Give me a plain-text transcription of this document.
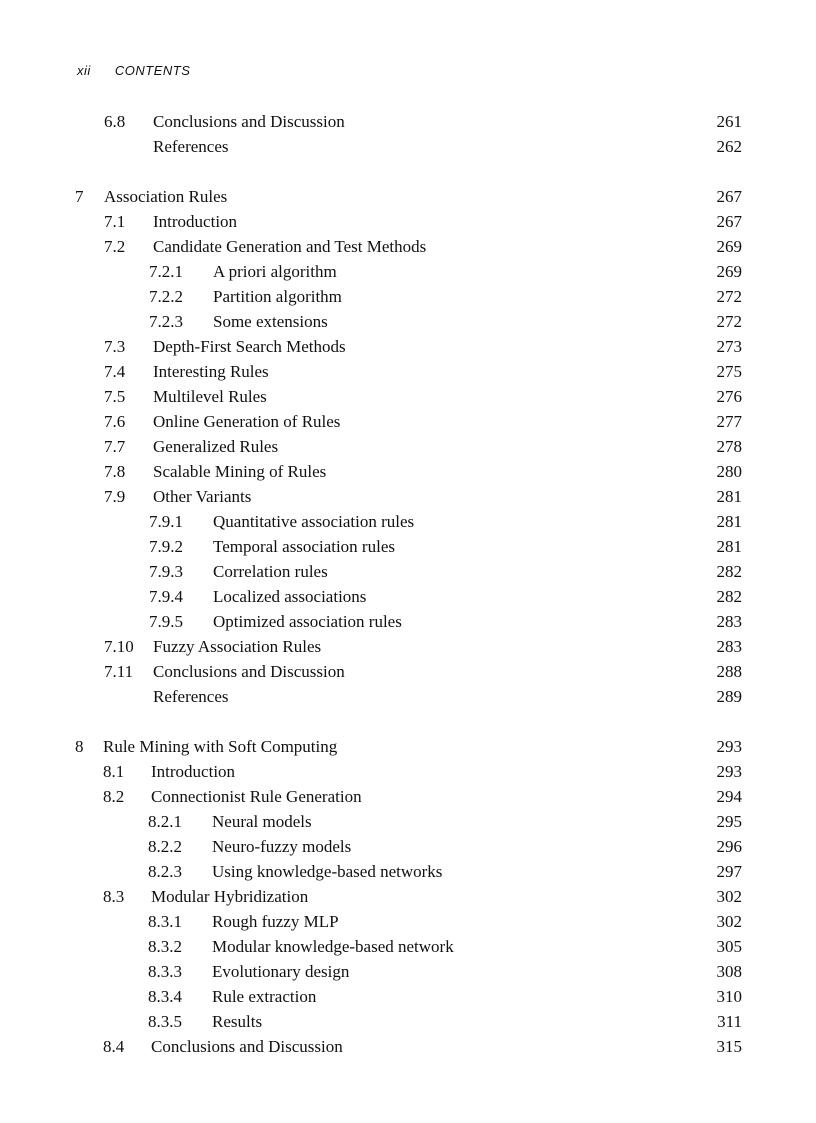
xii CONTENTS
6.8 Conclusions and Discussion	261
References	262
7 Association Rules	267
7.1 Introduction	267
7.2 Candidate Generation and Test Methods	269
7.2.1 A priori algorithm	269
7.2.2 Partition algorithm	272
7.2.3 Some extensions	272
7.3 Depth-First Search Methods	273
7.4 Interesting Rules	275
7.5 Multilevel Rules	276
7.6 Online Generation of Rules	277
7.7 Generalized Rules	278
7.8 Scalable Mining of Rules	280
7.9 Other Variants	281
7.9.1 Quantitative association rules	281
7.9.2 Temporal association rules	281
7.9.3 Correlation rules	282
7.9.4 Localized associations	282
7.9.5 Optimized association rules	283
7.10 Fuzzy Association Rules	283
7.11 Conclusions and Discussion	288
References	289
8 Rule Mining with Soft Computing	293
8.1 Introduction	293
8.2 Connectionist Rule Generation	294
8.2.1 Neural models	295
8.2.2 Neuro-fuzzy models	296
8.2.3 Using knowledge-based networks	297
8.3 Modular Hybridization	302
8.3.1 Rough fuzzy MLP	302
8.3.2 Modular knowledge-based network	305
8.3.3 Evolutionary design	308
8.3.4 Rule extraction	310
8.3.5 Results	311
8.4 Conclusions and Discussion	315
